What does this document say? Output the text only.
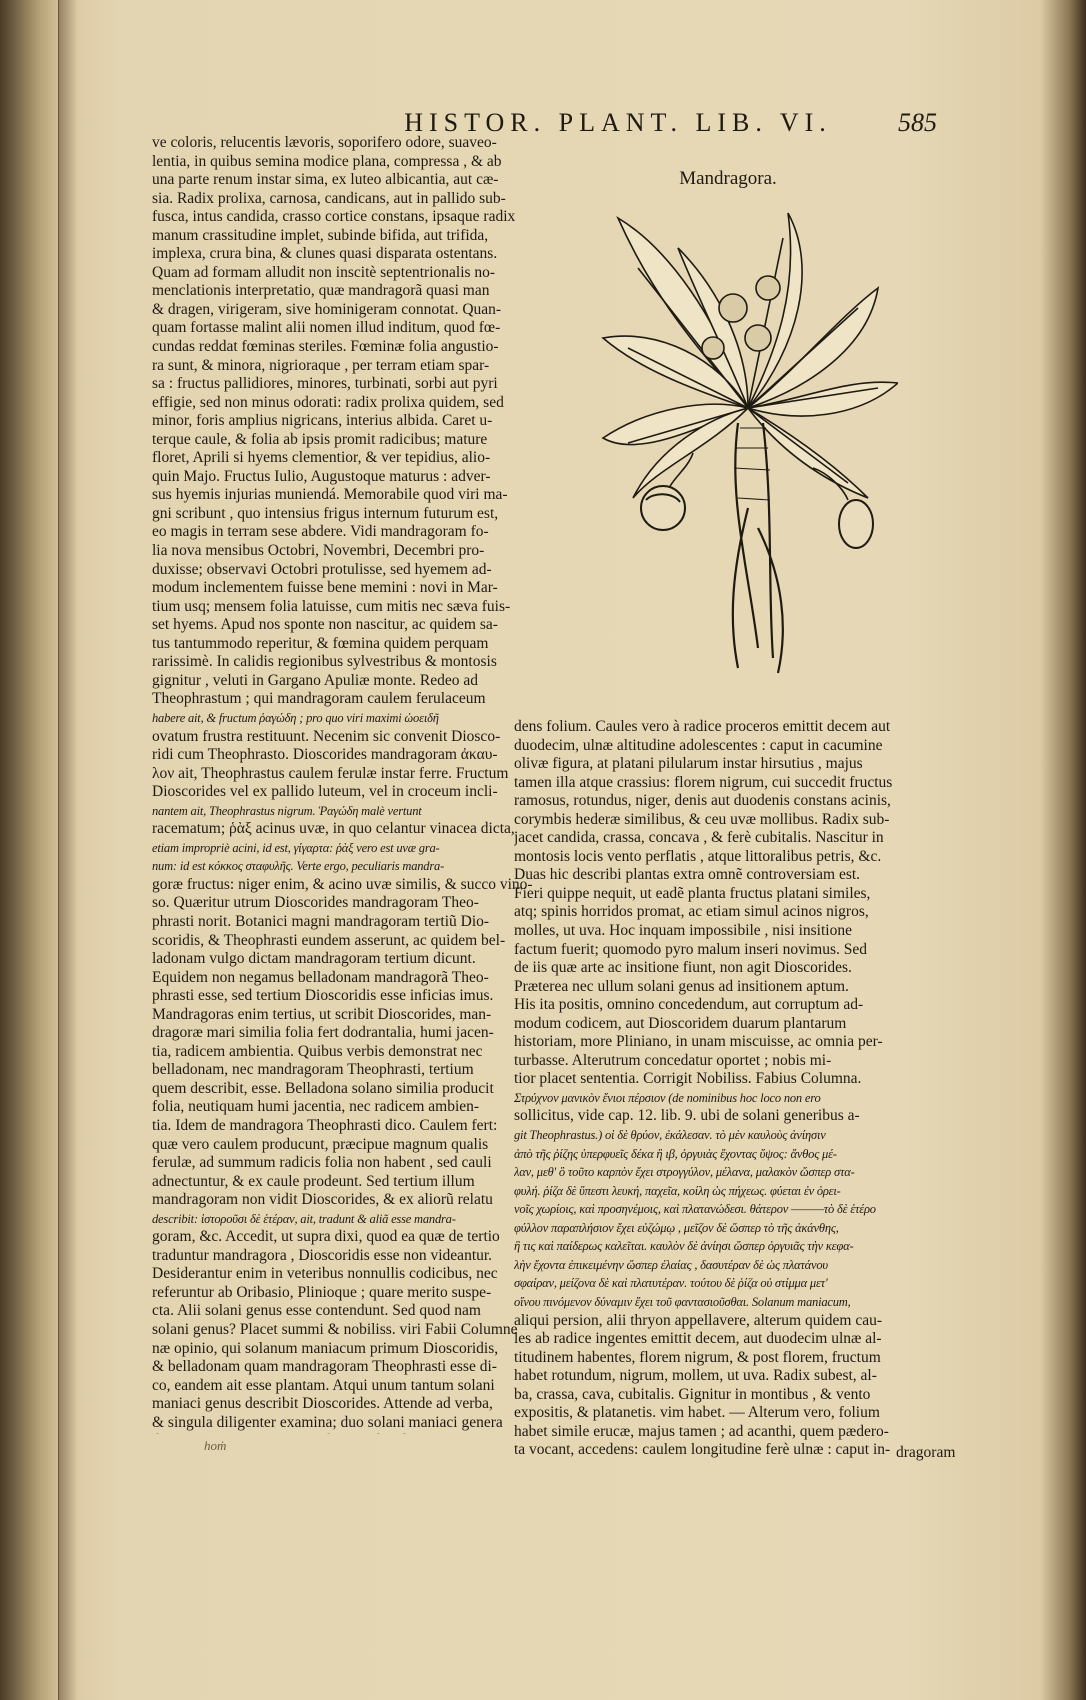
HISTOR. PLANT. LIB. VI.	585
ve coloris, relucentis lævoris, soporifero odore, suaveo-
lentia, in quibus semina modice plana, compressa , & ab
una parte renum instar sima, ex luteo albicantia, aut cæ-
sia. Radix prolixa, carnosa, candicans, aut in pallido sub-
fusca, intus candida, crasso cortice constans, ipsaque radix
manum crassitudine implet, subinde bifida, aut trifida,
implexa, crura bina, & clunes quasi disparata ostentans.
Quam ad formam alludit non inscitè septentrionalis no-
menclationis interpretatio, quæ mandragorã quasi man
& dragen, virigeram, sive hominigeram connotat. Quan-
quam fortasse malint alii nomen illud inditum, quod fœ-
cundas reddat fœminas steriles. Fœminæ folia angustio-
ra sunt, & minora, nigrioraque , per terram etiam spar-
sa : fructus pallidiores, minores, turbinati, sorbi aut pyri
effigie, sed non minus odorati: radix prolixa quidem, sed
minor, foris amplius nigricans, interius albida. Caret u-
terque caule, & folia ab ipsis promit radicibus; mature
floret, Aprili si hyems clementior, & ver tepidius, alio-
quin Majo. Fructus Iulio, Augustoque maturus : adver-
sus hyemis injurias muniendá. Memorabile quod viri ma-
gni scribunt , quo intensius frigus internum futurum est,
eo magis in terram sese abdere. Vidi mandragoram fo-
lia nova mensibus Octobri, Novembri, Decembri pro-
duxisse; observavi Octobri protulisse, sed hyemem ad-
modum inclementem fuisse bene memini : novi in Mar-
tium usq; mensem folia latuisse, cum mitis nec sæva fuis-
set hyems. Apud nos sponte non nascitur, ac quidem sa-
tus tantummodo reperitur, & fœmina quidem perquam
rarissimè. In calidis regionibus sylvestribus & montosis
gignitur , veluti in Gargano Apuliæ monte. Redeo ad
Theophrastum ; qui mandragoram caulem ferulaceum
habere ait, & fructum ῥαγώδη ; pro quo viri maximi ὠοειδῆ
ovatum frustra restituunt. Necenim sic convenit Diosco-
ridi cum Theophrasto. Dioscorides mandragoram ἀκαυ-
λον ait, Theophrastus caulem ferulæ instar ferre. Fructum
Dioscorides vel ex pallido luteum, vel in croceum incli-
nantem ait, Theophrastus nigrum. Ῥαγώδη malè vertunt
racematum; ῥὰξ acinus uvæ, in quo celantur vinacea dicta,
etiam impropriè acini, id est, γίγαρτα: ῥὰξ vero est uvæ gra-
num: id est κόκκος σταφυλῆς. Verte ergo, peculiaris mandra-
goræ fructus: niger enim, & acino uvæ similis, & succo vino-
so. Quæritur utrum Dioscorides mandragoram Theo-
phrasti norit. Botanici magni mandragoram tertiũ Dio-
scoridis, & Theophrasti eundem asserunt, ac quidem bel-
ladonam vulgo dictam mandragoram tertium dicunt.
Equidem non negamus belladonam mandragorã Theo-
phrasti esse, sed tertium Dioscoridis esse inficias imus.
Mandragoras enim tertius, ut scribit Dioscorides, man-
dragoræ mari similia folia fert dodrantalia, humi jacen-
tia, radicem ambientia. Quibus verbis demonstrat nec
belladonam, nec mandragoram Theophrasti, tertium
quem describit, esse. Belladona solano similia producit
folia, neutiquam humi jacentia, nec radicem ambien-
tia. Idem de mandragora Theophrasti dico. Caulem fert:
quæ vero caulem producunt, præcipue magnum qualis
ferulæ, ad summum radicis folia non habent , sed cauli
adnectuntur, & ex caule prodeunt. Sed tertium illum
mandragoram non vidit Dioscorides, & ex aliorũ relatu
describit: ἱστοροῦσι δὲ ἑτέραν, ait, tradunt & aliã esse mandra-
goram, &c. Accedit, ut supra dixi, quod ea quæ de tertio
traduntur mandragora , Dioscoridis esse non videantur.
Desiderantur enim in veteribus nonnullis codicibus, nec
referuntur ab Oribasio, Plinioque ; quare merito suspe-
cta. Alii solani genus esse contendunt. Sed quod nam
solani genus? Placet summi & nobiliss. viri Fabii Columne
næ opinio, qui solanum maniacum primum Dioscoridis,
& belladonam quam mandragoram Theophrasti esse di-
co, eandem ait esse plantam. Atqui unum tantum solani
maniaci genus describit Dioscorides. Attende ad verba,
& singula diligenter examina; duo solani maniaci genera
Mandragora.
dens folium. Caules vero à radice proceros emittit decem aut
duodecim, ulnæ altitudine adolescentes : caput in cacumine
olivæ figura, at platani pilularum instar hirsutius , majus
tamen illa atque crassius: florem nigrum, cui succedit fructus
ramosus, rotundus, niger, denis aut duodenis constans acinis,
corymbis hederæ similibus, & ceu uvæ mollibus. Radix sub-
jacet candida, crassa, concava , & ferè cubitalis. Nascitur in
montosis locis vento perflatis , atque littoralibus petris, &c.
Duas hic describi plantas extra omnẽ controversiam est.
Fieri quippe nequit, ut eadẽ planta fructus platani similes,
atq; spinis horridos promat, ac etiam simul acinos nigros,
molles, ut uva. Hoc inquam impossibile , nisi insitione
factum fuerit; quomodo pyro malum inseri novimus. Sed
de iis quæ arte ac insitione fiunt, non agit Dioscorides.
Præterea nec ullum solani genus ad insitionem aptum.
His ita positis, omnino concedendum, aut corruptum ad-
modum codicem, aut Dioscoridem duarum plantarum
historiam, more Pliniano, in unam miscuisse, ac omnia per-
turbasse. Alterutrum concedatur oportet ; nobis mi-
tior placet sententia. Corrigit Nobiliss. Fabius Columna.
Στρύχνον μανικὸν ἔνιοι πέρσιον (de nominibus hoc loco non ero
sollicitus, vide cap. 12. lib. 9. ubi de solani generibus a-
git Theophrastus.) οἱ δὲ θρύον, ἐκάλεσαν. τὸ μὲν καυλοὺς ἀνίησιν
ἀπὸ τῆς ῥίζης ὑπερφυεῖς δέκα ἢ ιβ, ὀργυιὰς ἔχοντας ὕψος: ἄνθος μέ-
λαν, μεθ' ὃ τοῦτο καρπὸν ἔχει στρογγύλον, μέλανα, μαλακὸν ὥσπερ στα-
φυλή. ῥίζα δὲ ὕπεστι λευκή, παχεῖα, κοίλη ὡς πήχεως. φύεται ἐν ὀρει-
νοῖς χωρίοις, καὶ προσηνέμοις, καὶ πλατανώδεσι. θάτερον ———τὸ δὲ ἑτέρο
φύλλον παραπλήσιον ἔχει εὐζώμῳ , μεῖζον δὲ ὥσπερ τὸ τῆς ἀκάνθης,
ἣ τις καὶ παίδερως καλεῖται. καυλὸν δὲ ἀνίησι ὥσπερ ὀργυιᾶς τὴν κεφα-
λὴν ἔχοντα ἐπικειμένην ὥσπερ ἐλαίας , δασυτέραν δὲ ὡς πλατάνου
σφαίραν, μείζονα δὲ καὶ πλατυτέραν. τούτου δὲ ῥίζα οὐ στίμμα μετ'
οἴνου πινόμενον δύναμιν ἔχει τοῦ φαντασιοῦσθαι. Solanum maniacum,
aliqui persion, alii thryon appellavere, alterum quidem cau-
les ab radice ingentes emittit decem, aut duodecim ulnæ al-
titudinem habentes, florem nigrum, & post florem, fructum
habet rotundum, nigrum, mollem, ut uva. Radix subest, al-
ba, crassa, cava, cubitalis. Gignitur in montibus , & vento
expositis, & platanetis. vim habet. — Alterum vero, folium
habet simile erucæ, majus tamen ; ad acanthi, quem pædero-
ta vocant, accedens: caulem longitudine ferè ulnæ : caput in- dragoram
hoṁ
